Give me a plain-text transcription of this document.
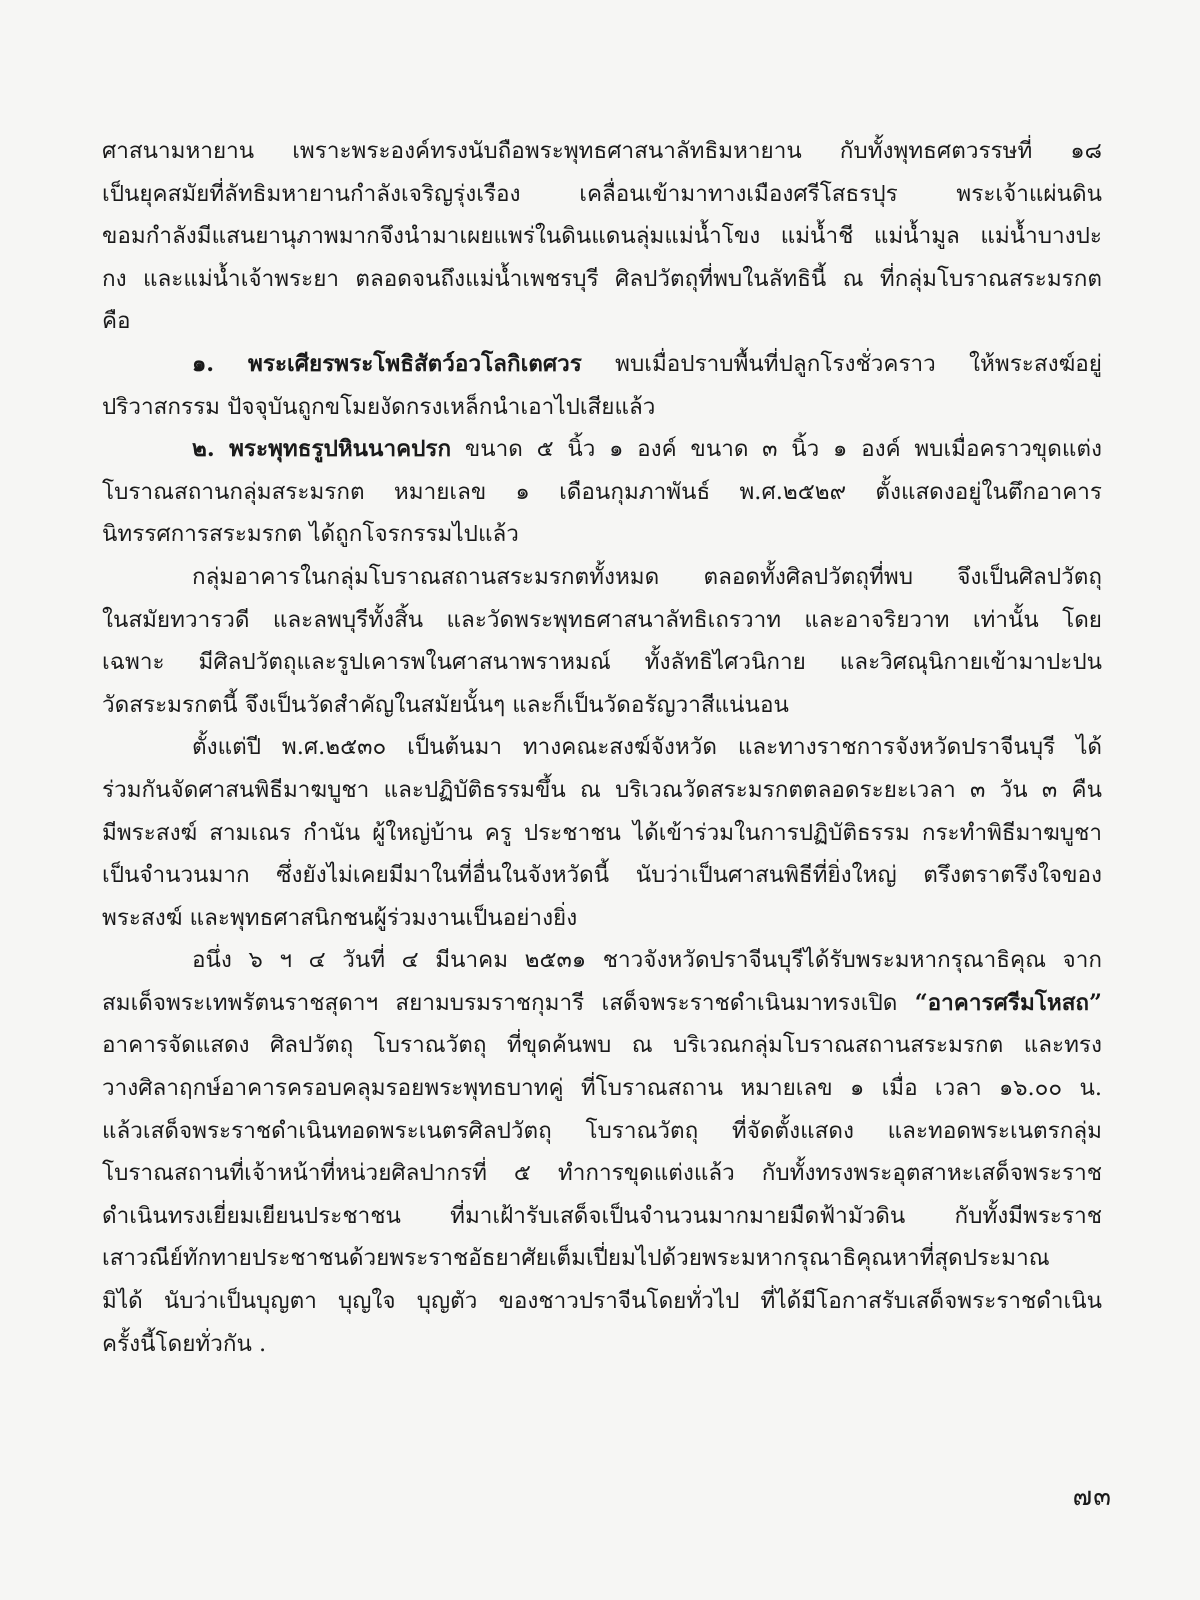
ศาสนามหายาน เพราะพระองค์ทรงนับถือพระพุทธศาสนาลัทธิมหายาน กับทั้งพุทธศตวรรษที่ ๑๘
เป็นยุคสมัยที่ลัทธิมหายานกำลังเจริญรุ่งเรือง เคลื่อนเข้ามาทางเมืองศรีโสธรปุร พระเจ้าแผ่นดิน
ขอมกำลังมีแสนยานุภาพมากจึงนำมาเผยแพร่ในดินแดนลุ่มแม่น้ำโขง แม่น้ำชี แม่น้ำมูล แม่น้ำบางปะ
กง และแม่น้ำเจ้าพระยา ตลอดจนถึงแม่น้ำเพชรบุรี ศิลปวัตถุที่พบในลัทธินี้ ณ ที่กลุ่มโบราณสระมรกต
คือ
๑. พระเศียรพระโพธิสัตว์อวโลกิเตศวร พบเมื่อปราบพื้นที่ปลูกโรงชั่วคราว ให้พระสงฆ์อยู่
ปริวาสกรรม ปัจจุบันถูกขโมยงัดกรงเหล็กนำเอาไปเสียแล้ว
๒. พระพุทธรูปหินนาคปรก ขนาด ๕ นิ้ว ๑ องค์ ขนาด ๓ นิ้ว ๑ องค์ พบเมื่อคราวขุดแต่ง
โบราณสถานกลุ่มสระมรกต หมายเลข ๑ เดือนกุมภาพันธ์ พ.ศ.๒๕๒๙ ตั้งแสดงอยู่ในตึกอาคาร
นิทรรศการสระมรกต ได้ถูกโจรกรรมไปแล้ว
กลุ่มอาคารในกลุ่มโบราณสถานสระมรกตทั้งหมด ตลอดทั้งศิลปวัตถุที่พบ จึงเป็นศิลปวัตถุ
ในสมัยทวารวดี และลพบุรีทั้งสิ้น และวัดพระพุทธศาสนาลัทธิเถรวาท และอาจริยวาท เท่านั้น โดย
เฉพาะ มีศิลปวัตถุและรูปเคารพในศาสนาพราหมณ์ ทั้งลัทธิไศวนิกาย และวิศณุนิกายเข้ามาปะปน
วัดสระมรกตนี้ จึงเป็นวัดสำคัญในสมัยนั้นๆ และก็เป็นวัดอรัญวาสีแน่นอน
ตั้งแต่ปี พ.ศ.๒๕๓๐ เป็นต้นมา ทางคณะสงฆ์จังหวัด และทางราชการจังหวัดปราจีนบุรี ได้
ร่วมกันจัดศาสนพิธีมาฆบูชา และปฏิบัติธรรมขึ้น ณ บริเวณวัดสระมรกตตลอดระยะเวลา ๓ วัน ๓ คืน
มีพระสงฆ์ สามเณร กำนัน ผู้ใหญ่บ้าน ครู ประชาชน ได้เข้าร่วมในการปฏิบัติธรรม กระทำพิธีมาฆบูชา
เป็นจำนวนมาก ซึ่งยังไม่เคยมีมาในที่อื่นในจังหวัดนี้ นับว่าเป็นศาสนพิธีที่ยิ่งใหญ่ ตรึงตราตรึงใจของ
พระสงฆ์ และพุทธศาสนิกชนผู้ร่วมงานเป็นอย่างยิ่ง
อนึ่ง ๖ ฯ ๔ วันที่ ๔ มีนาคม ๒๕๓๑ ชาวจังหวัดปราจีนบุรีได้รับพระมหากรุณาธิคุณ จาก
สมเด็จพระเทพรัตนราชสุดาฯ สยามบรมราชกุมารี เสด็จพระราชดำเนินมาทรงเปิด “อาคารศรีมโหสถ”
อาคารจัดแสดง ศิลปวัตถุ โบราณวัตถุ ที่ขุดค้นพบ ณ บริเวณกลุ่มโบราณสถานสระมรกต และทรง
วางศิลาฤกษ์อาคารครอบคลุมรอยพระพุทธบาทคู่ ที่โบราณสถาน หมายเลข ๑ เมื่อ เวลา ๑๖.๐๐ น.
แล้วเสด็จพระราชดำเนินทอดพระเนตรศิลปวัตถุ โบราณวัตถุ ที่จัดตั้งแสดง และทอดพระเนตรกลุ่ม
โบราณสถานที่เจ้าหน้าที่หน่วยศิลปากรที่ ๕ ทำการขุดแต่งแล้ว กับทั้งทรงพระอุตสาหะเสด็จพระราช
ดำเนินทรงเยี่ยมเยียนประชาชน ที่มาเฝ้ารับเสด็จเป็นจำนวนมากมายมืดฟ้ามัวดิน กับทั้งมีพระราช
เสาวณีย์ทักทายประชาชนด้วยพระราชอัธยาศัยเต็มเปี่ยมไปด้วยพระมหากรุณาธิคุณหาที่สุดประมาณ
มิได้ นับว่าเป็นบุญตา บุญใจ บุญตัว ของชาวปราจีนโดยทั่วไป ที่ได้มีโอกาสรับเสด็จพระราชดำเนิน
ครั้งนี้โดยทั่วกัน .
๗๓
